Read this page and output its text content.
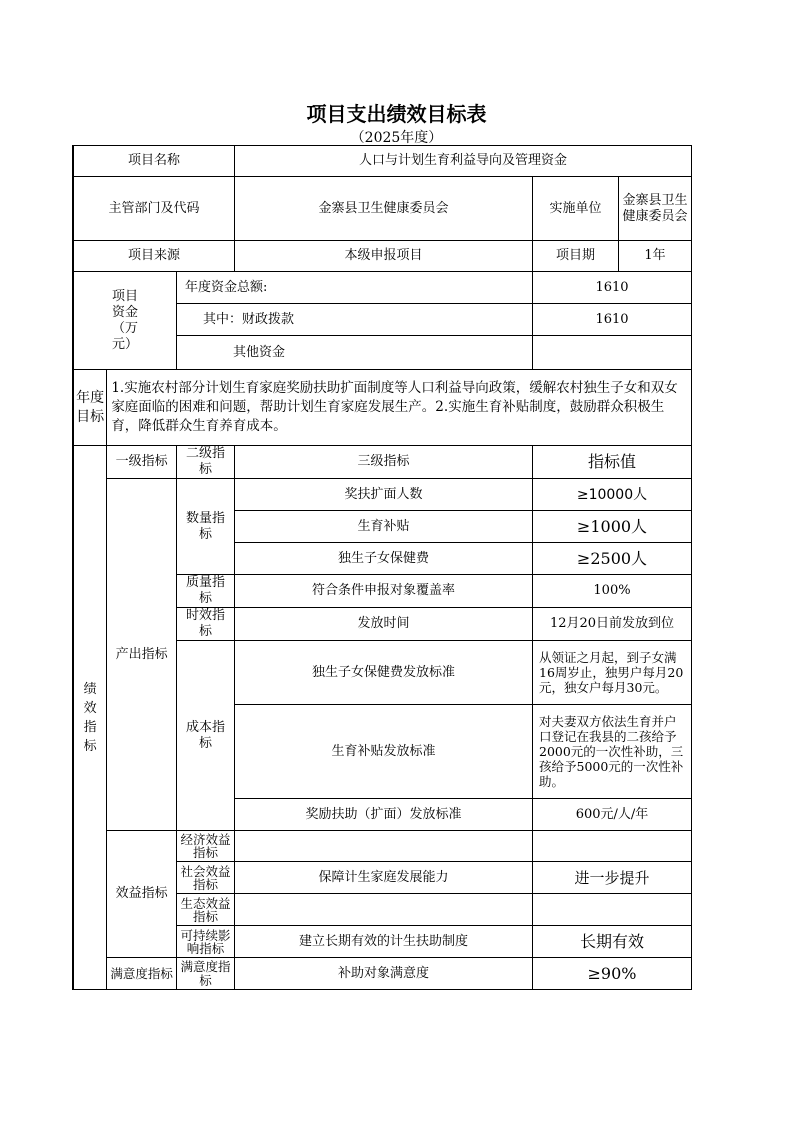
项目支出绩效目标表
（2025年度）
项目名称			人口与计划生育利益导向及管理资金		
主管部门及代码			金寨县卫生健康委员会	实施单位	金寨县卫生健康委员会
项目来源			本级申报项目	项目期	1年
项目资金（万元）		年度资金总额:		1610	
		其中：财政拨款		1610	
		其他资金			
年度目标	1.实施农村部分计划生育家庭奖励扶助扩面制度等人口利益导向政策，缓解农村独生子女和双女家庭面临的困难和问题，帮助计划生育家庭发展生产。2.实施生育补贴制度，鼓励群众积极生育，降低群众生育养育成本。				
绩效指标	一级指标	二级指标	三级指标	指标值	
	产出指标	数量指标	奖扶扩面人数	≥10000人	
			生育补贴	≥1000人	
			独生子女保健费	≥2500人	
		质量指标	符合条件申报对象覆盖率	100%	
		时效指标	发放时间	12月20日前发放到位	
		成本指标	独生子女保健费发放标准	从领证之月起，到子女满16周岁止，独男户每月20元，独女户每月30元。	
			生育补贴发放标准	对夫妻双方依法生育并户口登记在我县的二孩给予2000元的一次性补助，三孩给予5000元的一次性补助。	
			奖励扶助（扩面）发放标准	600元/人/年	
	效益指标	经济效益指标			
		社会效益指标	保障计生家庭发展能力	进一步提升	
		生态效益指标			
		可持续影响指标	建立长期有效的计生扶助制度	长期有效	
	满意度指标	满意度指标	补助对象满意度	≥90%	
